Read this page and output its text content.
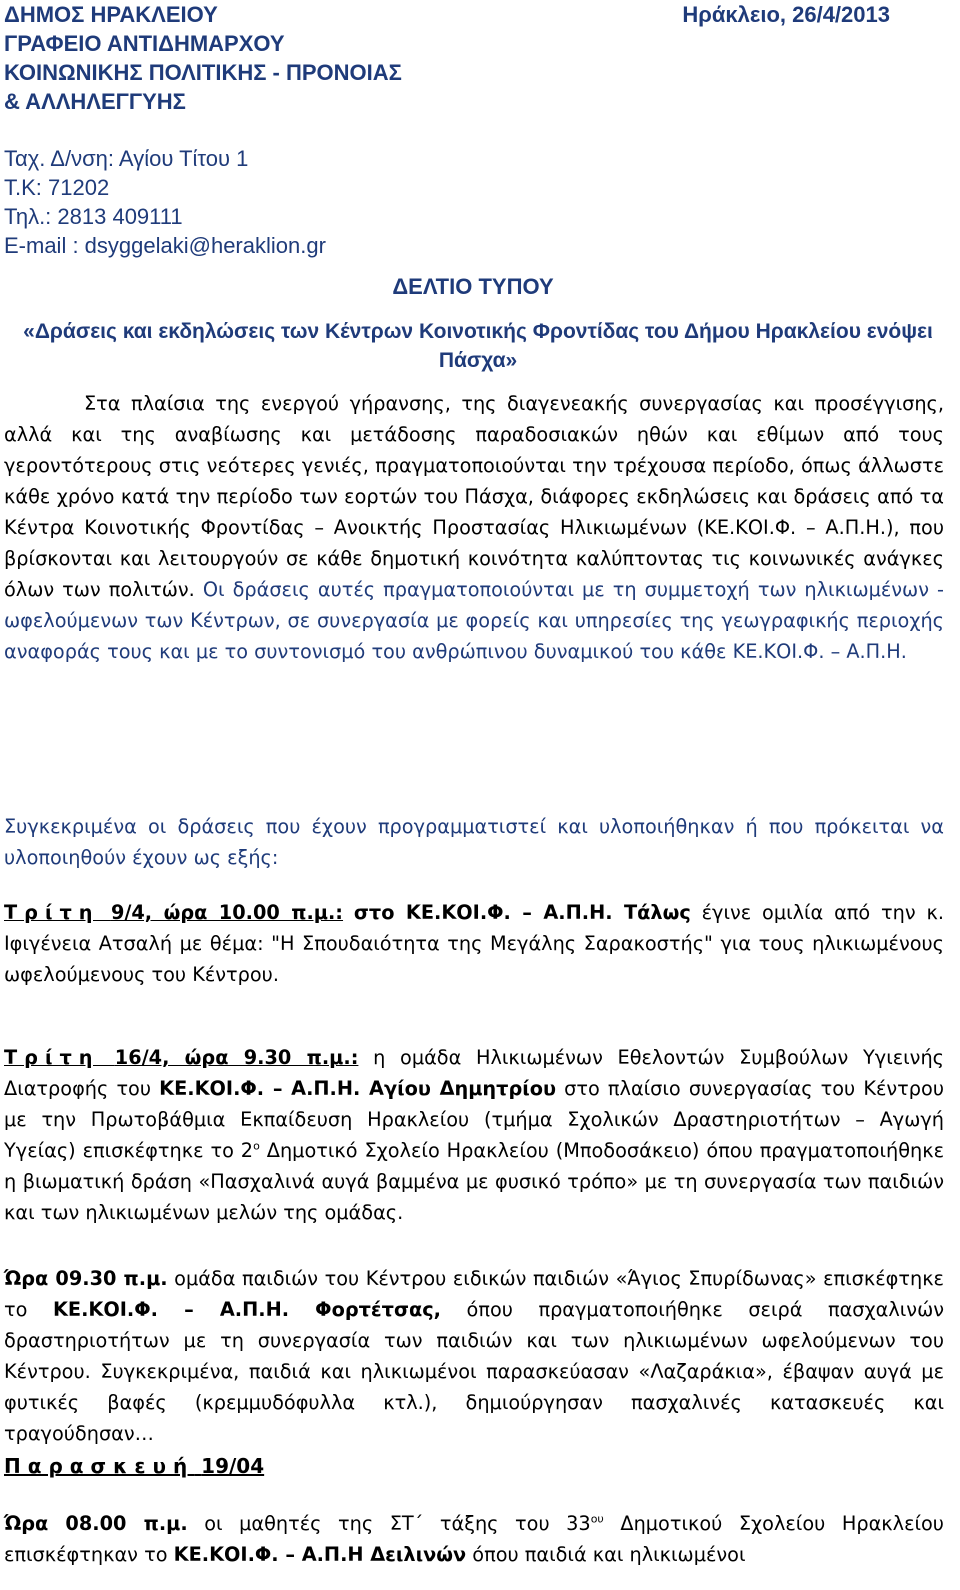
ΔΗΜΟΣ ΗΡΑΚΛΕΙΟΥ
ΓΡΑΦΕΙΟ ΑΝΤΙΔΗΜΑΡΧΟΥ
ΚΟΙΝΩΝΙΚΗΣ ΠΟΛΙΤΙΚΗΣ - ΠΡΟΝΟΙΑΣ
& ΑΛΛΗΛΕΓΓΥΗΣ
Ηράκλειο, 26/4/2013
Ταχ. Δ/νση: Αγίου Τίτου 1
Τ.Κ: 71202
Τηλ.: 2813 409111
E-mail : dsyggelaki@heraklion.gr
ΔΕΛΤΙΟ ΤΥΠΟΥ
«Δράσεις και εκδηλώσεις των Κέντρων Κοινοτικής Φροντίδας του Δήμου Ηρακλείου ενόψει Πάσχα»
Στα πλαίσια της ενεργού γήρανσης, της διαγενεακής συνεργασίας και προσέγγισης, αλλά και της αναβίωσης και μετάδοσης παραδοσιακών ηθών και εθίμων από τους γεροντότερους στις νεότερες γενιές, πραγματοποιούνται την τρέχουσα περίοδο, όπως άλλωστε κάθε χρόνο κατά την περίοδο των εορτών του Πάσχα, διάφορες εκδηλώσεις και δράσεις από τα Κέντρα Κοινοτικής Φροντίδας – Ανοικτής Προστασίας Ηλικιωμένων (ΚΕ.ΚΟΙ.Φ. – Α.Π.Η.), που βρίσκονται και λειτουργούν σε κάθε δημοτική κοινότητα καλύπτοντας τις κοινωνικές ανάγκες όλων των πολιτών. Οι δράσεις αυτές πραγματοποιούνται με τη συμμετοχή των ηλικιωμένων - ωφελούμενων των Κέντρων, σε συνεργασία με φορείς και υπηρεσίες της γεωγραφικής περιοχής αναφοράς τους και με το συντονισμό του ανθρώπινου δυναμικού του κάθε ΚΕ.ΚΟΙ.Φ. – Α.Π.Η.
Συγκεκριμένα οι δράσεις που έχουν προγραμματιστεί και υλοποιήθηκαν ή που πρόκειται να υλοποιηθούν έχουν ως εξής:
Τρίτη 9/4, ώρα 10.00 π.μ.: στο ΚΕ.ΚΟΙ.Φ. – Α.Π.Η. Τάλως έγινε ομιλία από την κ. Ιφιγένεια Ατσαλή με θέμα: "Η Σπουδαιότητα της Μεγάλης Σαρακοστής" για τους ηλικιωμένους ωφελούμενους του Κέντρου.
Τρίτη 16/4, ώρα 9.30 π.μ.: η ομάδα Ηλικιωμένων Εθελοντών Συμβούλων Υγιεινής Διατροφής του ΚΕ.ΚΟΙ.Φ. – Α.Π.Η. Αγίου Δημητρίου στο πλαίσιο συνεργασίας του Κέντρου με την Πρωτοβάθμια Εκπαίδευση Ηρακλείου (τμήμα Σχολικών Δραστηριοτήτων – Αγωγή Υγείας) επισκέφτηκε το $2^o$ Δημοτικό Σχολείο Ηρακλείου (Μποδοσάκειο) όπου πραγματοποιήθηκε η βιωματική δράση «Πασχαλινά αυγά βαμμένα με φυσικό τρόπο» με τη συνεργασία των παιδιών και των ηλικιωμένων μελών της ομάδας.
Ώρα 09.30 π.μ. ομάδα παιδιών του Κέντρου ειδικών παιδιών «Άγιος Σπυρίδωνας» επισκέφτηκε το ΚΕ.ΚΟΙ.Φ. – Α.Π.Η. Φορτέτσας, όπου πραγματοποιήθηκε σειρά πασχαλινών δραστηριοτήτων με τη συνεργασία των παιδιών και των ηλικιωμένων ωφελούμενων του Κέντρου. Συγκεκριμένα, παιδιά και ηλικιωμένοι παρασκεύασαν «Λαζαράκια», έβαψαν αυγά με φυτικές βαφές (κρεμμυδόφυλλα κτλ.), δημιούργησαν πασχαλινές κατασκευές και τραγούδησαν…
Παρασκευή 19/04
Ώρα 08.00 π.μ. οι μαθητές της ΣΤ΄ τάξης του $33^{o\upsilon}$ Δημοτικού Σχολείου Ηρακλείου επισκέφτηκαν το ΚΕ.ΚΟΙ.Φ. – Α.Π.Η Δειλινών όπου παιδιά και ηλικιωμένοι
